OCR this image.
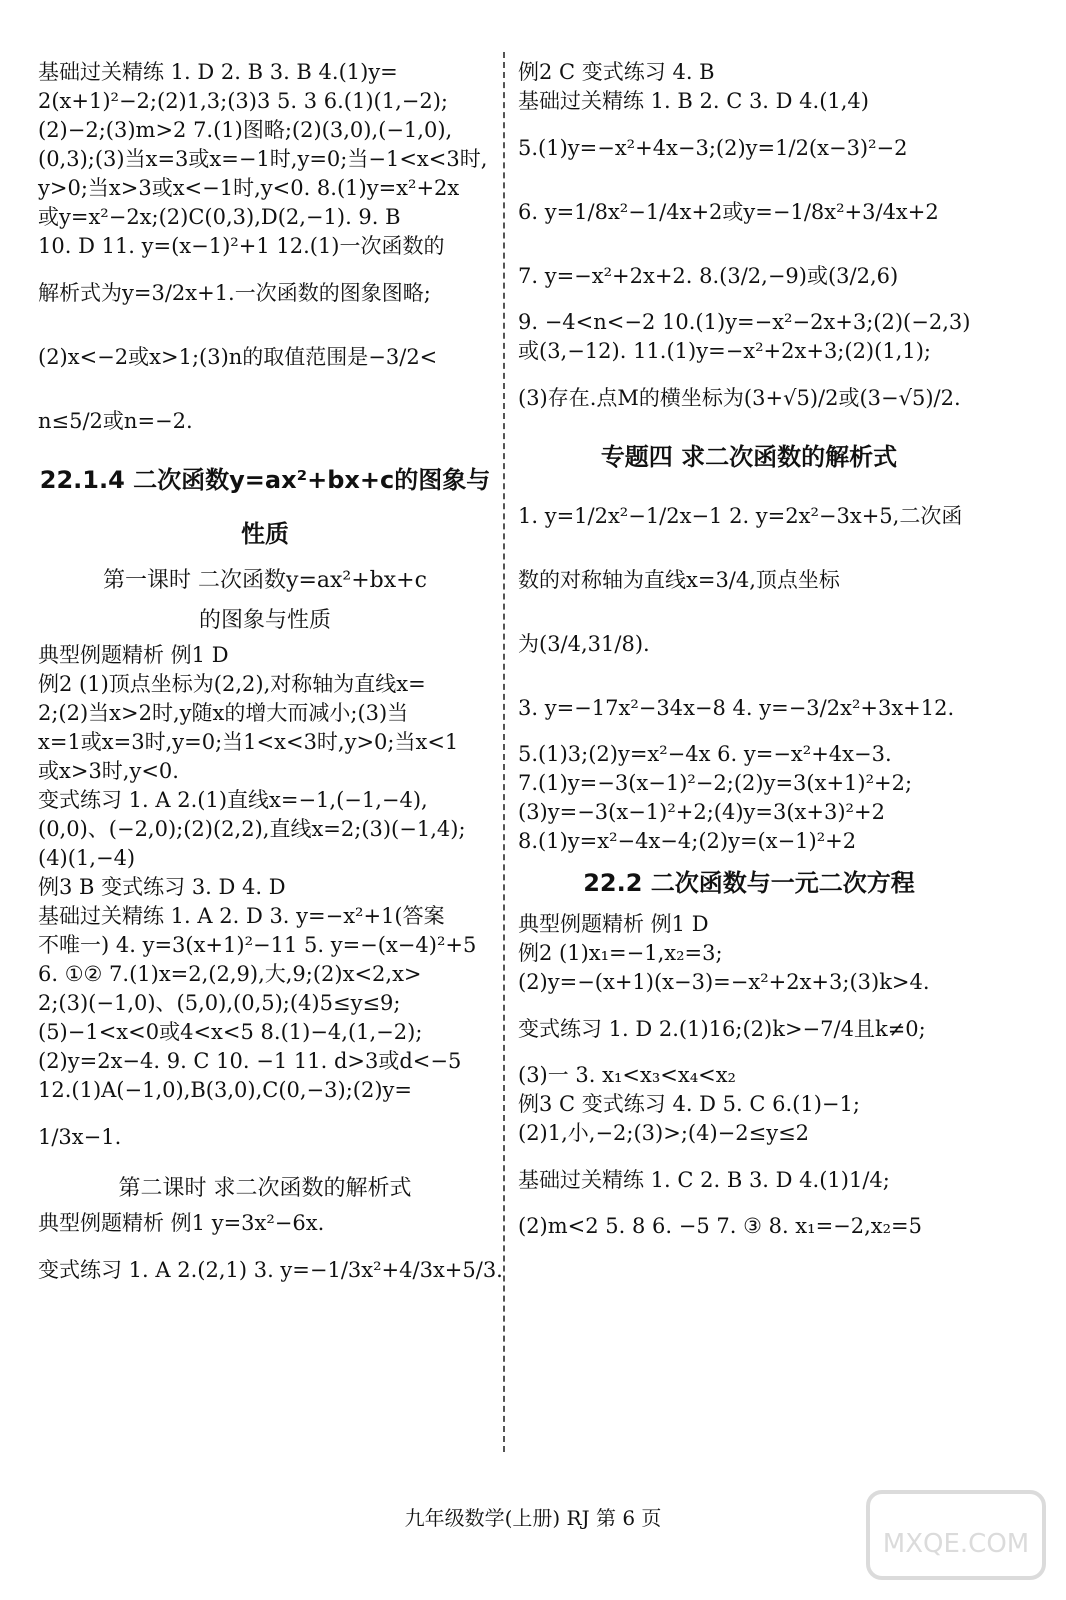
基础过关精练 1. D 2. B 3. B 4.(1)y=
2(x+1)²−2;(2)1,3;(3)3 5. 3 6.(1)(1,−2);
(2)−2;(3)m>2 7.(1)图略;(2)(3,0),(−1,0),
(0,3);(3)当x=3或x=−1时,y=0;当−1<x<3时,
y>0;当x>3或x<−1时,y<0. 8.(1)y=x²+2x
或y=x²−2x;(2)C(0,3),D(2,−1). 9. B
10. D 11. y=(x−1)²+1 12.(1)一次函数的
解析式为y=3/2x+1.一次函数的图象图略;
(2)x<−2或x>1;(3)n的取值范围是−3/2<
n≤5/2或n=−2.
22.1.4 二次函数y=ax²+bx+c的图象与性质
第一课时 二次函数y=ax²+bx+c
的图象与性质
典型例题精析 例1 D
例2 (1)顶点坐标为(2,2),对称轴为直线x=
2;(2)当x>2时,y随x的增大而减小;(3)当
x=1或x=3时,y=0;当1<x<3时,y>0;当x<1
或x>3时,y<0.
变式练习 1. A 2.(1)直线x=−1,(−1,−4),
(0,0)、(−2,0);(2)(2,2),直线x=2;(3)(−1,4);
(4)(1,−4)
例3 B 变式练习 3. D 4. D
基础过关精练 1. A 2. D 3. y=−x²+1(答案
不唯一) 4. y=3(x+1)²−11 5. y=−(x−4)²+5
6. ①② 7.(1)x=2,(2,9),大,9;(2)x<2,x>
2;(3)(−1,0)、(5,0),(0,5);(4)5≤y≤9;
(5)−1<x<0或4<x<5 8.(1)−4,(1,−2);
(2)y=2x−4. 9. C 10. −1 11. d>3或d<−5
12.(1)A(−1,0),B(3,0),C(0,−3);(2)y=
1/3x−1.
第二课时 求二次函数的解析式
典型例题精析 例1 y=3x²−6x.
变式练习 1. A 2.(2,1) 3. y=−1/3x²+4/3x+5/3.
例2 C 变式练习 4. B
基础过关精练 1. B 2. C 3. D 4.(1,4)
5.(1)y=−x²+4x−3;(2)y=1/2(x−3)²−2
6. y=1/8x²−1/4x+2或y=−1/8x²+3/4x+2
7. y=−x²+2x+2. 8.(3/2,−9)或(3/2,6)
9. −4<n<−2 10.(1)y=−x²−2x+3;(2)(−2,3)
或(3,−12). 11.(1)y=−x²+2x+3;(2)(1,1);
(3)存在.点M的横坐标为(3+√5)/2或(3−√5)/2.
专题四 求二次函数的解析式
1. y=1/2x²−1/2x−1 2. y=2x²−3x+5,二次函
数的对称轴为直线x=3/4,顶点坐标
为(3/4,31/8).
3. y=−17x²−34x−8 4. y=−3/2x²+3x+12.
5.(1)3;(2)y=x²−4x 6. y=−x²+4x−3.
7.(1)y=−3(x−1)²−2;(2)y=3(x+1)²+2;
(3)y=−3(x−1)²+2;(4)y=3(x+3)²+2
8.(1)y=x²−4x−4;(2)y=(x−1)²+2
22.2 二次函数与一元二次方程
典型例题精析 例1 D
例2 (1)x₁=−1,x₂=3;
(2)y=−(x+1)(x−3)=−x²+2x+3;(3)k>4.
变式练习 1. D 2.(1)16;(2)k>−7/4且k≠0;
(3)一 3. x₁<x₃<x₄<x₂
例3 C 变式练习 4. D 5. C 6.(1)−1;
(2)1,小,−2;(3)>;(4)−2≤y≤2
基础过关精练 1. C 2. B 3. D 4.(1)1/4;
(2)m<2 5. 8 6. −5 7. ③ 8. x₁=−2,x₂=5
九年级数学(上册) RJ 第 6 页
MXQE.COM
